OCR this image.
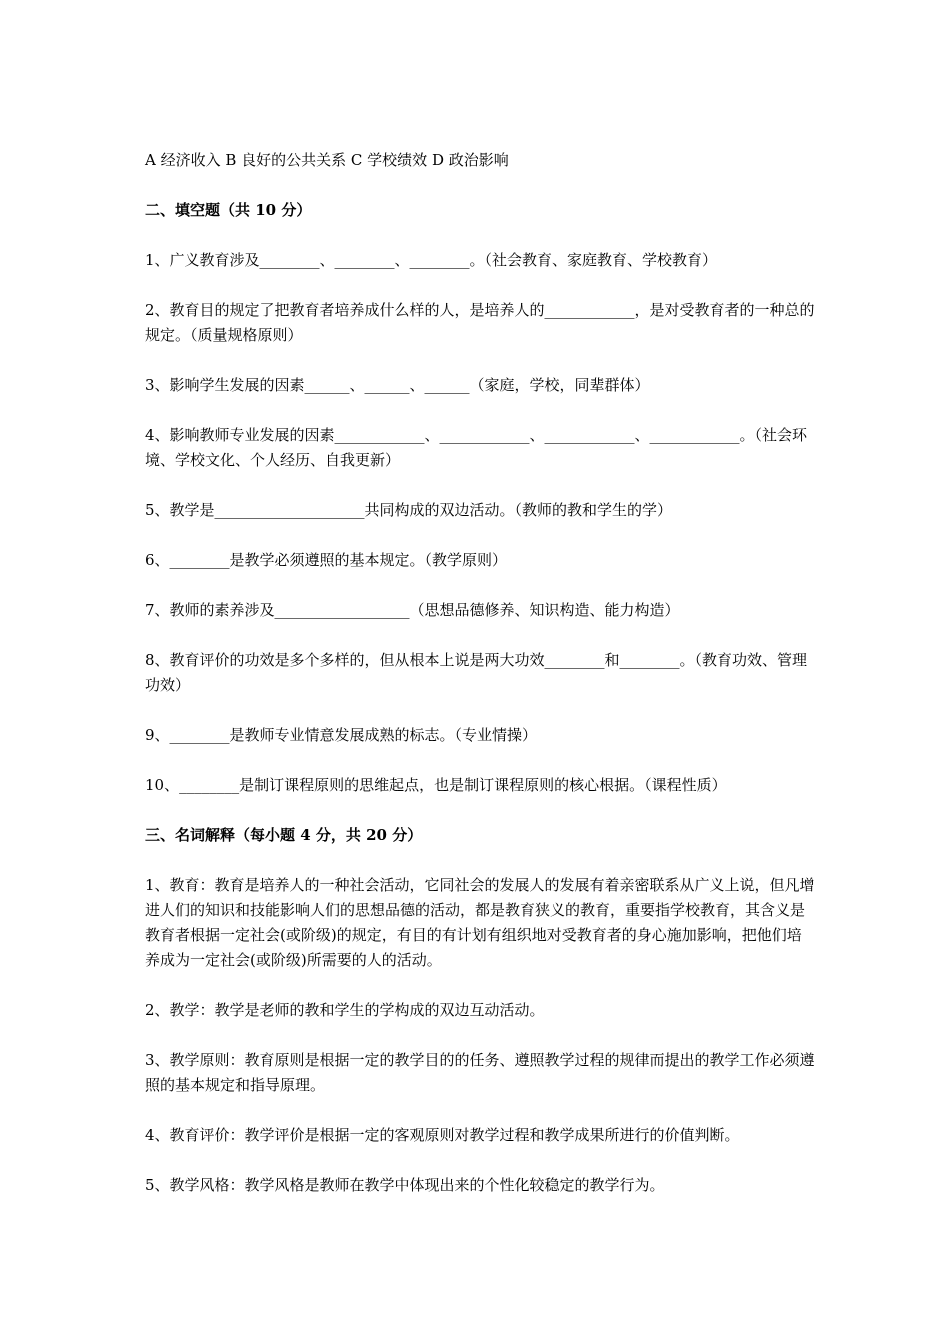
A 经济收入 B 良好的公共关系 C 学校绩效 D 政治影响

二、填空题（共 10 分）

1、广义教育涉及________、________、________。（社会教育、家庭教育、学校教育）

2、教育目的规定了把教育者培养成什么样的人，是培养人的____________，是对受教育者的一种总的规定。（质量规格原则）

3、影响学生发展的因素______、______、______（家庭，学校，同辈群体）

4、影响教师专业发展的因素____________、____________、____________、____________。（社会环境、学校文化、个人经历、自我更新）

5、教学是____________________共同构成的双边活动。（教师的教和学生的学）

6、________是教学必须遵照的基本规定。（教学原则）

7、教师的素养涉及__________________（思想品德修养、知识构造、能力构造）

8、教育评价的功效是多个多样的，但从根本上说是两大功效________和________。（教育功效、管理功效）

9、________是教师专业情意发展成熟的标志。（专业情操）

10、________是制订课程原则的思维起点，也是制订课程原则的核心根据。（课程性质）

三、名词解释（每小题 4 分，共 20 分）

1、教育：教育是培养人的一种社会活动，它同社会的发展人的发展有着亲密联系从广义上说，但凡增进人们的知识和技能影响人们的思想品德的活动，都是教育狭义的教育，重要指学校教育，其含义是教育者根据一定社会(或阶级)的规定，有目的有计划有组织地对受教育者的身心施加影响，把他们培养成为一定社会(或阶级)所需要的人的活动。

2、教学：教学是老师的教和学生的学构成的双边互动活动。

3、教学原则：教育原则是根据一定的教学目的的任务、遵照教学过程的规律而提出的教学工作必须遵照的基本规定和指导原理。

4、教育评价：教学评价是根据一定的客观原则对教学过程和教学成果所进行的价值判断。

5、教学风格：教学风格是教师在教学中体现出来的个性化较稳定的教学行为。
